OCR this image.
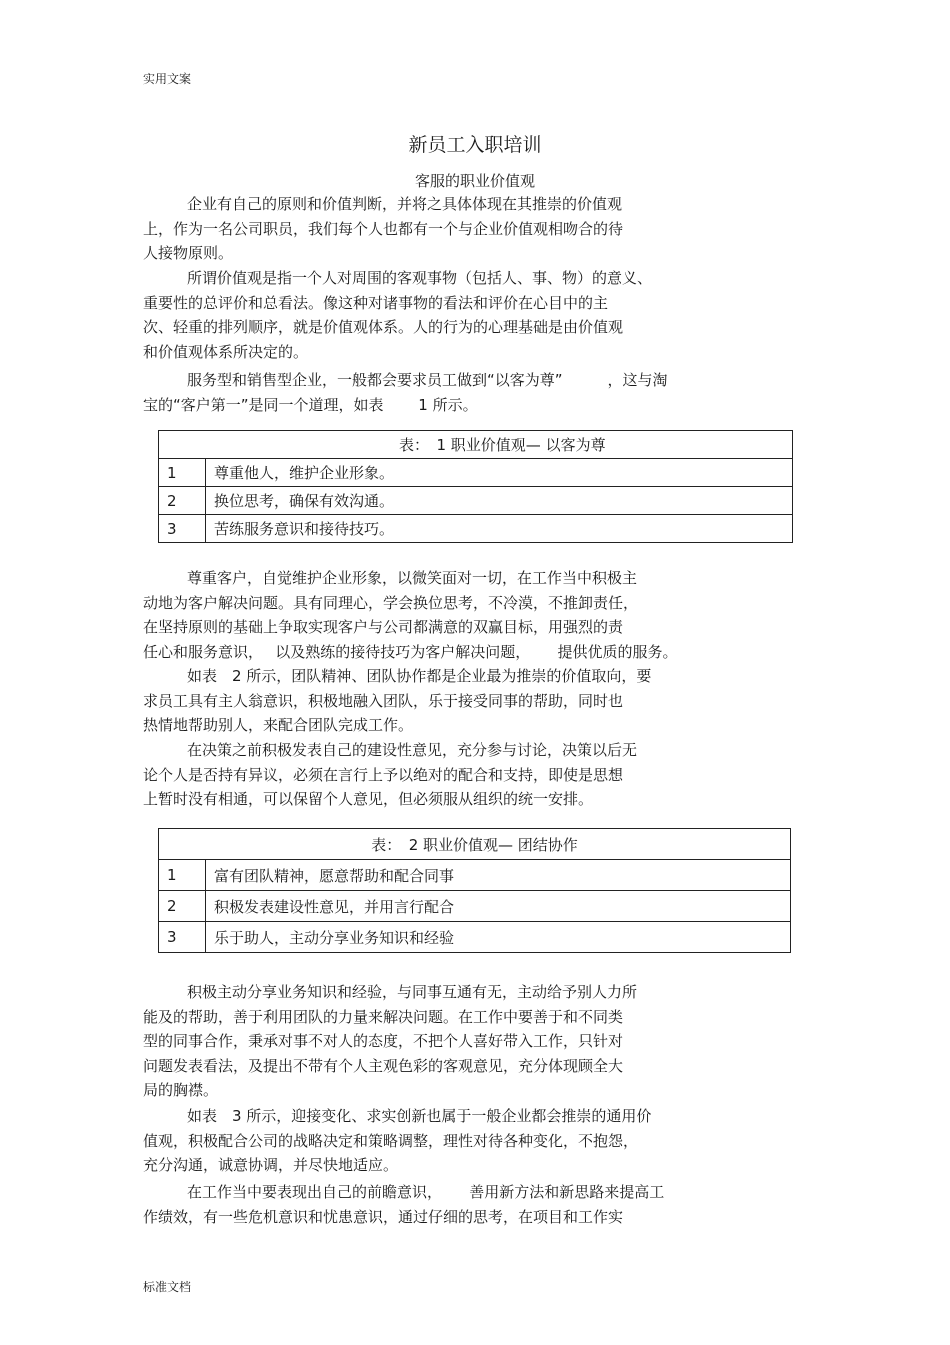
实用文案
新员工入职培训
客服的职业价值观
企业有自己的原则和价值判断，并将之具体体现在其推崇的价值观
上，作为一名公司职员，我们每个人也都有一个与企业价值观相吻合的待
人接物原则。
所谓价值观是指一个人对周围的客观事物（包括人、事、物）的意义、
重要性的总评价和总看法。像这种对诸事物的看法和评价在心目中的主
次、轻重的排列顺序，就是价值观体系。人的行为的心理基础是由价值观
和价值观体系所决定的。
服务型和销售型企业，一般都会要求员工做到“以客为尊”　　　，这与淘
宝的“客户第一”是同一个道理，如表　　 1 所示。
表：　1 职业价值观— 以客为尊	
1	尊重他人，维护企业形象。
2	换位思考，确保有效沟通。
3	苦练服务意识和接待技巧。
尊重客户，自觉维护企业形象，以微笑面对一切，在工作当中积极主
动地为客户解决问题。具有同理心，学会换位思考，不冷漠，不推卸责任，
在坚持原则的基础上争取实现客户与公司都满意的双赢目标，用强烈的责
任心和服务意识，　 以及熟练的接待技巧为客户解决问题，　　 提供优质的服务。
如表　2 所示，团队精神、团队协作都是企业最为推崇的价值取向，要
求员工具有主人翁意识，积极地融入团队，乐于接受同事的帮助，同时也
热情地帮助别人，来配合团队完成工作。
在决策之前积极发表自己的建设性意见，充分参与讨论，决策以后无
论个人是否持有异议，必须在言行上予以绝对的配合和支持，即使是思想
上暂时没有相通，可以保留个人意见，但必须服从组织的统一安排。
表：　2 职业价值观— 团结协作	
1	富有团队精神，愿意帮助和配合同事
2	积极发表建设性意见，并用言行配合
3	乐于助人，主动分享业务知识和经验
积极主动分享业务知识和经验，与同事互通有无，主动给予别人力所
能及的帮助，善于利用团队的力量来解决问题。在工作中要善于和不同类
型的同事合作，秉承对事不对人的态度，不把个人喜好带入工作，只针对
问题发表看法，及提出不带有个人主观色彩的客观意见，充分体现顾全大
局的胸襟。
如表　3 所示，迎接变化、求实创新也属于一般企业都会推崇的通用价
值观，积极配合公司的战略决定和策略调整，理性对待各种变化，不抱怨，
充分沟通，诚意协调，并尽快地适应。
在工作当中要表现出自己的前瞻意识，　　 善用新方法和新思路来提高工
作绩效，有一些危机意识和忧患意识，通过仔细的思考，在项目和工作实
标准文档
